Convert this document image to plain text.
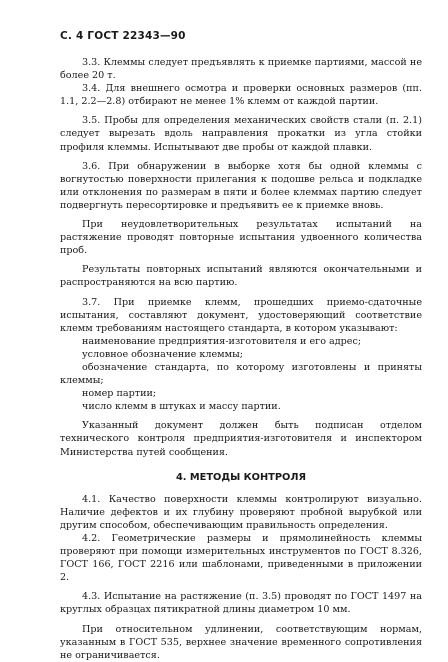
С. 4 ГОСТ 22343—90

3.3. Клеммы следует предъявлять к приемке партиями, массой не более 20 т.

3.4. Для внешнего осмотра и проверки основных размеров (пп. 1.1, 2.2—2.8) отбирают не менее 1% клемм от каждой партии.

3.5. Пробы для определения механических свойств стали (п. 2.1) следует вырезать вдоль направления прокатки из угла стойки профиля клеммы. Испытывают две пробы от каждой плавки.

3.6. При обнаружении в выборке хотя бы одной клеммы с вогнутостью поверхности прилегания к подошве рельса и подкладке или отклонения по размерам в пяти и более клеммах партию следует подвергнуть пересортировке и предъявить ее к приемке вновь.

При неудовлетворительных результатах испытаний на растяжение проводят повторные испытания удвоенного количества проб.

Результаты повторных испытаний являются окончательными и распространяются на всю партию.

3.7. При приемке клемм, прошедших приемо-сдаточные испытания, составляют документ, удостоверяющий соответствие клемм требованиям настоящего стандарта, в котором указывают:

наименование предприятия-изготовителя и его адрес;

условное обозначение клеммы;

обозначение стандарта, по которому изготовлены и приняты клеммы;

номер партии;

число клемм в штуках и массу партии.

Указанный документ должен быть подписан отделом технического контроля предприятия-изготовителя и инспектором Министерства путей сообщения.

4. МЕТОДЫ КОНТРОЛЯ

4.1. Качество поверхности клеммы контролируют визуально. Наличие дефектов и их глубину проверяют пробной вырубкой или другим способом, обеспечивающим правильность определения.

4.2. Геометрические размеры и прямолинейность клеммы проверяют при помощи измерительных инструментов по ГОСТ 8.326, ГОСТ 166, ГОСТ 2216 или шаблонами, приведенными в приложении 2.

4.3. Испытание на растяжение (п. 3.5) проводят по ГОСТ 1497 на круглых образцах пятикратной длины диаметром 10 мм.

При относительном удлинении, соответствующим нормам, указанным в ГОСТ 535, верхнее значение временного сопротивления не ограничивается.
